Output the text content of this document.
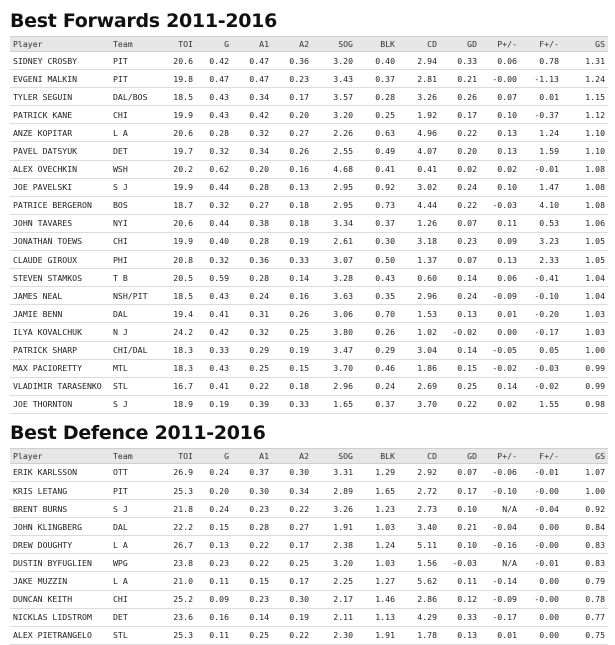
Best Forwards 2011-2016
Player	Team	TOI	G	A1	A2	SOG	BLK	CD	GD	P+/-	F+/-	GS
SIDNEY CROSBY	PIT	20.6	0.42	0.47	0.36	3.20	0.40	2.94	0.33	0.06	0.78	1.31
EVGENI MALKIN	PIT	19.8	0.47	0.47	0.23	3.43	0.37	2.81	0.21	-0.00	-1.13	1.24
TYLER SEGUIN	DAL/BOS	18.5	0.43	0.34	0.17	3.57	0.28	3.26	0.26	0.07	0.01	1.15
PATRICK KANE	CHI	19.9	0.43	0.42	0.20	3.20	0.25	1.92	0.17	0.10	-0.37	1.12
ANZE KOPITAR	L A	20.6	0.28	0.32	0.27	2.26	0.63	4.96	0.22	0.13	1.24	1.10
PAVEL DATSYUK	DET	19.7	0.32	0.34	0.26	2.55	0.49	4.07	0.20	0.13	1.59	1.10
ALEX OVECHKIN	WSH	20.2	0.62	0.20	0.16	4.68	0.41	0.41	0.02	0.02	-0.01	1.08
JOE PAVELSKI	S J	19.9	0.44	0.28	0.13	2.95	0.92	3.02	0.24	0.10	1.47	1.08
PATRICE BERGERON	BOS	18.7	0.32	0.27	0.18	2.95	0.73	4.44	0.22	-0.03	4.10	1.08
JOHN TAVARES	NYI	20.6	0.44	0.38	0.18	3.34	0.37	1.26	0.07	0.11	0.53	1.06
JONATHAN TOEWS	CHI	19.9	0.40	0.28	0.19	2.61	0.30	3.18	0.23	0.09	3.23	1.05
CLAUDE GIROUX	PHI	20.8	0.32	0.36	0.33	3.07	0.50	1.37	0.07	0.13	2.33	1.05
STEVEN STAMKOS	T B	20.5	0.59	0.28	0.14	3.28	0.43	0.60	0.14	0.06	-0.41	1.04
JAMES NEAL	NSH/PIT	18.5	0.43	0.24	0.16	3.63	0.35	2.96	0.24	-0.09	-0.10	1.04
JAMIE BENN	DAL	19.4	0.41	0.31	0.26	3.06	0.70	1.53	0.13	0.01	-0.20	1.03
ILYA KOVALCHUK	N J	24.2	0.42	0.32	0.25	3.80	0.26	1.02	-0.02	0.00	-0.17	1.03
PATRICK SHARP	CHI/DAL	18.3	0.33	0.29	0.19	3.47	0.29	3.04	0.14	-0.05	0.05	1.00
MAX PACIORETTY	MTL	18.3	0.43	0.25	0.15	3.70	0.46	1.86	0.15	-0.02	-0.03	0.99
VLADIMIR TARASENKO	STL	16.7	0.41	0.22	0.18	2.96	0.24	2.69	0.25	0.14	-0.02	0.99
JOE THORNTON	S J	18.9	0.19	0.39	0.33	1.65	0.37	3.70	0.22	0.02	1.55	0.98
Best Defence 2011-2016
Player	Team	TOI	G	A1	A2	SOG	BLK	CD	GD	P+/-	F+/-	GS
ERIK KARLSSON	OTT	26.9	0.24	0.37	0.30	3.31	1.29	2.92	0.07	-0.06	-0.01	1.07
KRIS LETANG	PIT	25.3	0.20	0.30	0.34	2.89	1.65	2.72	0.17	-0.10	-0.00	1.00
BRENT BURNS	S J	21.8	0.24	0.23	0.22	3.26	1.23	2.73	0.10	N/A	-0.04	0.92
JOHN KLINGBERG	DAL	22.2	0.15	0.28	0.27	1.91	1.03	3.40	0.21	-0.04	0.00	0.84
DREW DOUGHTY	L A	26.7	0.13	0.22	0.17	2.38	1.24	5.11	0.10	-0.16	-0.00	0.83
DUSTIN BYFUGLIEN	WPG	23.8	0.23	0.22	0.25	3.20	1.03	1.56	-0.03	N/A	-0.01	0.83
JAKE MUZZIN	L A	21.0	0.11	0.15	0.17	2.25	1.27	5.62	0.11	-0.14	0.00	0.79
DUNCAN KEITH	CHI	25.2	0.09	0.23	0.30	2.17	1.46	2.86	0.12	-0.09	-0.00	0.78
NICKLAS LIDSTROM	DET	23.6	0.16	0.14	0.19	2.11	1.13	4.29	0.33	-0.17	0.00	0.77
ALEX PIETRANGELO	STL	25.3	0.11	0.25	0.22	2.30	1.91	1.78	0.13	0.01	0.00	0.75
